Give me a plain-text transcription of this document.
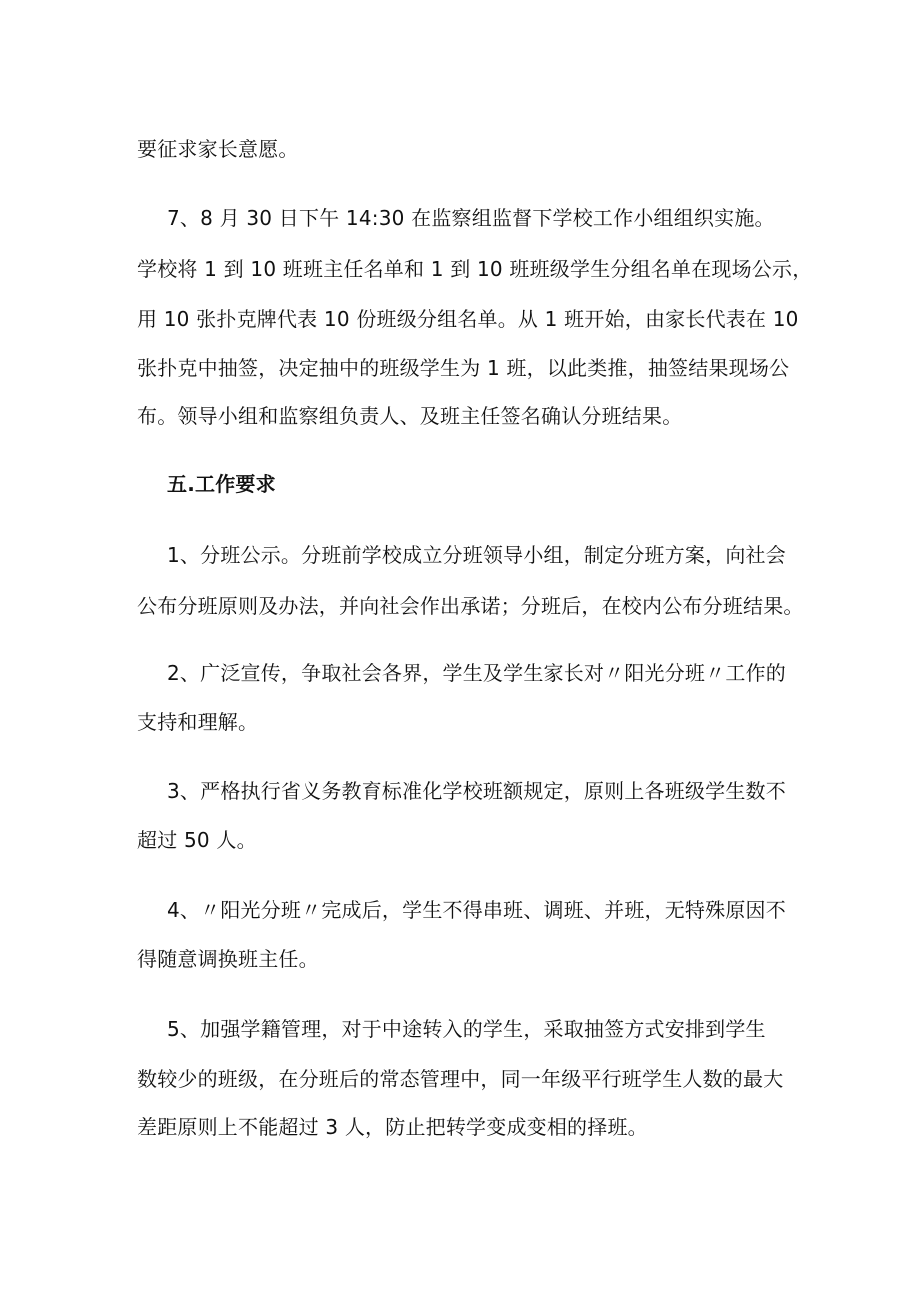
要征求家长意愿。
7、8 月 30 日下午 14:30 在监察组监督下学校工作小组组织实施。
学校将 1 到 10 班班主任名单和 1 到 10 班班级学生分组名单在现场公示，
用 10 张扑克牌代表 10 份班级分组名单。从 1 班开始，由家长代表在 10
张扑克中抽签，决定抽中的班级学生为 1 班，以此类推，抽签结果现场公
布。领导小组和监察组负责人、及班主任签名确认分班结果。
五.工作要求
1、分班公示。分班前学校成立分班领导小组，制定分班方案，向社会
公布分班原则及办法，并向社会作出承诺；分班后，在校内公布分班结果。
2、广泛宣传，争取社会各界，学生及学生家长对〃阳光分班〃工作的
支持和理解。
3、严格执行省义务教育标准化学校班额规定，原则上各班级学生数不
超过 50 人。
4、〃阳光分班〃完成后，学生不得串班、调班、并班，无特殊原因不
得随意调换班主任。
5、加强学籍管理，对于中途转入的学生，采取抽签方式安排到学生
数较少的班级，在分班后的常态管理中，同一年级平行班学生人数的最大
差距原则上不能超过 3 人，防止把转学变成变相的择班。
